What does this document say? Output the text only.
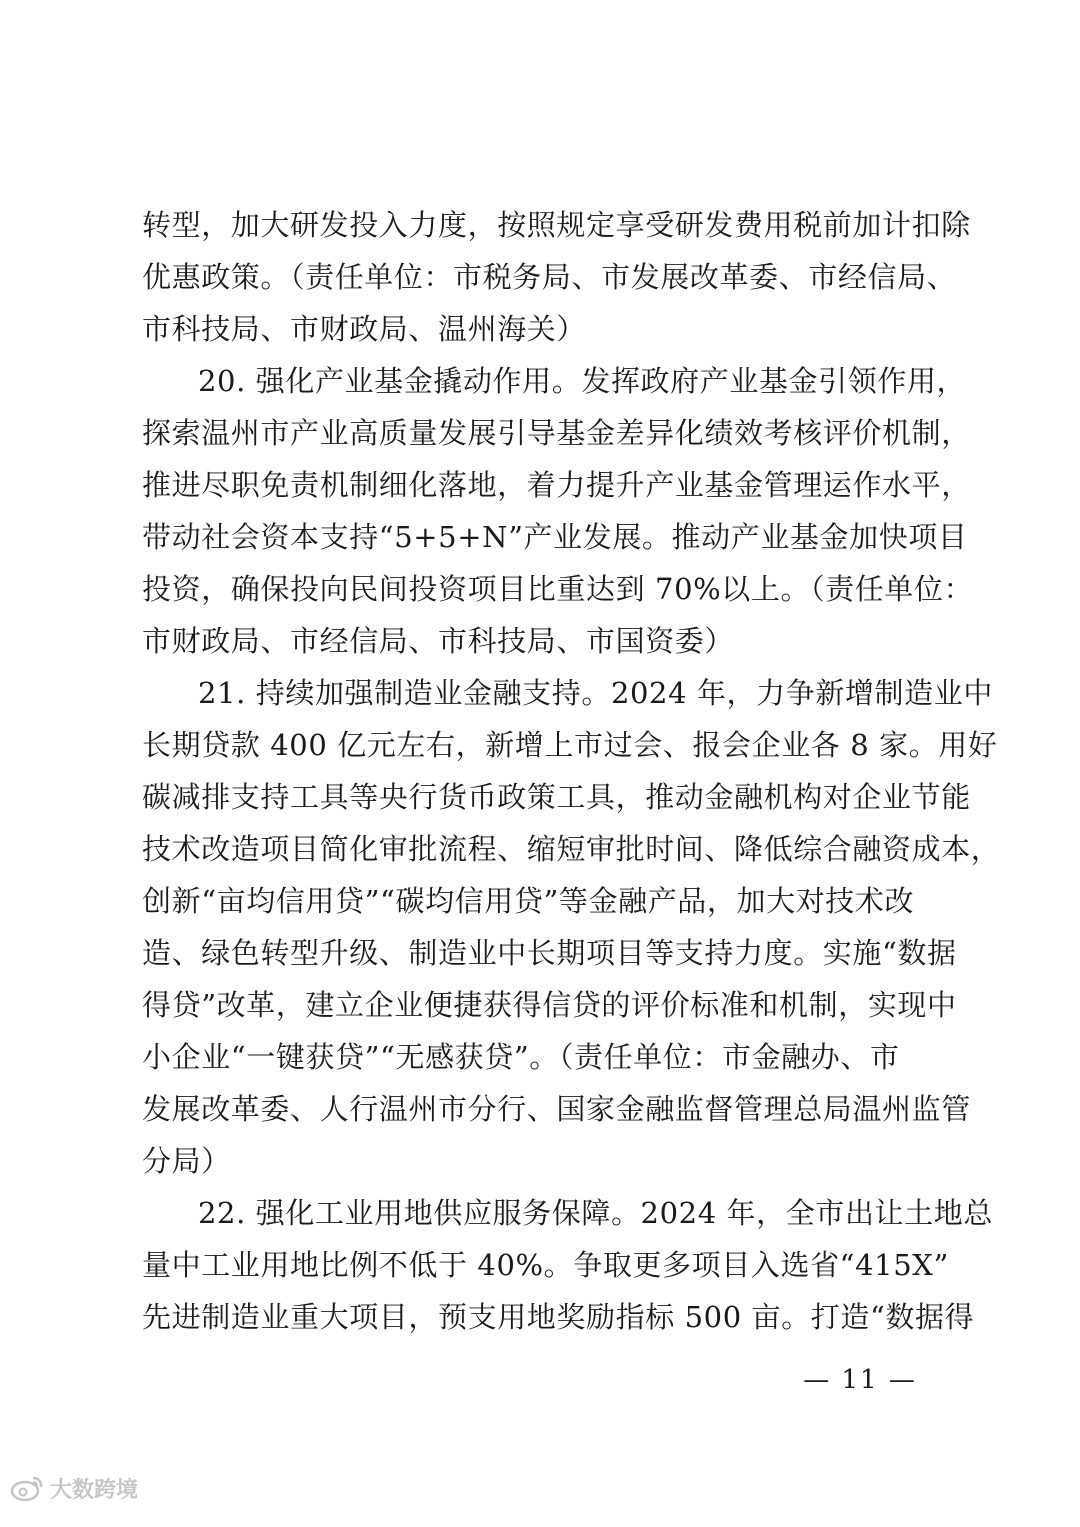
转型，加大研发投入力度，按照规定享受研发费用税前加计扣除
优惠政策。（责任单位：市税务局、市发展改革委、市经信局、
市科技局、市财政局、温州海关）
20. 强化产业基金撬动作用。发挥政府产业基金引领作用，
探索温州市产业高质量发展引导基金差异化绩效考核评价机制，
推进尽职免责机制细化落地，着力提升产业基金管理运作水平，
带动社会资本支持“5+5+N”产业发展。推动产业基金加快项目
投资，确保投向民间投资项目比重达到 70%以上。（责任单位：
市财政局、市经信局、市科技局、市国资委）
21. 持续加强制造业金融支持。2024 年，力争新增制造业中
长期贷款 400 亿元左右，新增上市过会、报会企业各 8 家。用好
碳减排支持工具等央行货币政策工具，推动金融机构对企业节能
技术改造项目简化审批流程、缩短审批时间、降低综合融资成本，
创新“亩均信用贷”“碳均信用贷”等金融产品，加大对技术改
造、绿色转型升级、制造业中长期项目等支持力度。实施“数据
得贷”改革，建立企业便捷获得信贷的评价标准和机制，实现中
小企业“一键获贷”“无感获贷”。（责任单位：市金融办、市
发展改革委、人行温州市分行、国家金融监督管理总局温州监管
分局）
22. 强化工业用地供应服务保障。2024 年，全市出让土地总
量中工业用地比例不低于 40%。争取更多项目入选省“415X”
先进制造业重大项目，预支用地奖励指标 500 亩。打造“数据得
— 11 —
大数跨境
